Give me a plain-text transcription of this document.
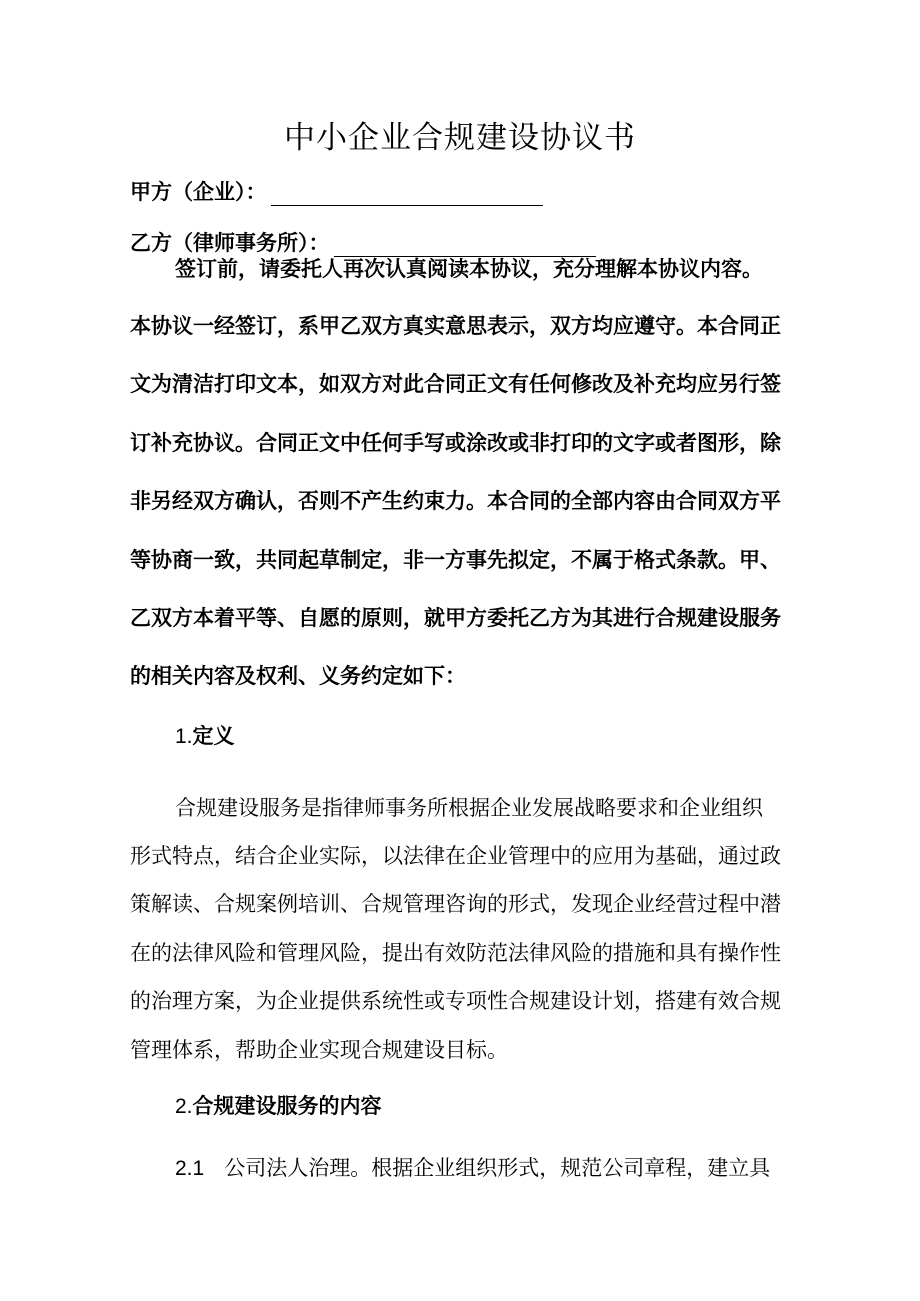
中小企业合规建设协议书
甲方（企业）：
乙方（律师事务所）：
签订前，请委托人再次认真阅读本协议，充分理解本协议内容。
本协议一经签订，系甲乙双方真实意思表示，双方均应遵守。本合同正
文为清洁打印文本，如双方对此合同正文有任何修改及补充均应另行签
订补充协议。合同正文中任何手写或涂改或非打印的文字或者图形，除
非另经双方确认，否则不产生约束力。本合同的全部内容由合同双方平
等协商一致，共同起草制定，非一方事先拟定，不属于格式条款。甲、
乙双方本着平等、自愿的原则，就甲方委托乙方为其进行合规建设服务
的相关内容及权利、义务约定如下：
1.定义
合规建设服务是指律师事务所根据企业发展战略要求和企业组织
形式特点，结合企业实际，以法律在企业管理中的应用为基础，通过政
策解读、合规案例培训、合规管理咨询的形式，发现企业经营过程中潜
在的法律风险和管理风险，提出有效防范法律风险的措施和具有操作性
的治理方案，为企业提供系统性或专项性合规建设计划，搭建有效合规
管理体系，帮助企业实现合规建设目标。
2.合规建设服务的内容
2.1 公司法人治理。根据企业组织形式，规范公司章程，建立具
